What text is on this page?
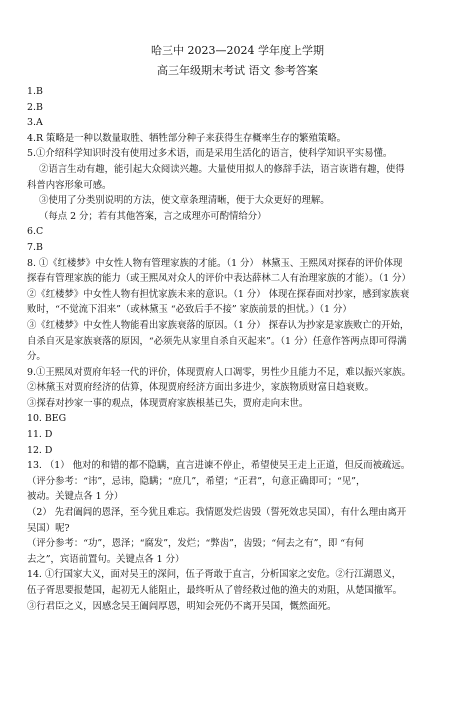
哈三中 2023—2024 学年度上学期
高三年级期末考试 语文 参考答案
1.B
2.B
3.A
4.R 策略是一种以数量取胜、牺牲部分种子来获得生存概率生存的繁殖策略。
5.①介绍科学知识时没有使用过多术语，而是采用生活化的语言，使科学知识平实易懂。
②语言生动有趣，能引起大众阅读兴趣。大量使用拟人的修辞手法，语言诙谐有趣，使得
科普内容形象可感。
③使用了分类别说明的方法，使文章条理清晰，便于大众更好的理解。
（每点 2 分；若有其他答案，言之成理亦可酌情给分）
6.C
7.B
8. ①《红楼梦》中女性人物有管理家族的才能。（1 分） 林黛玉、王熙凤对探春的评价体现
探春有管理家族的能力（或王熙凤对众人的评价中表达薛林二人有治理家族的才能）。（1 分）
②《红楼梦》中女性人物有担忧家族未来的意识。（1 分） 体现在探春面对抄家，感到家族衰
败时，“不觉流下泪来”（或林黛玉 “必致后手不接” 家族前景的担忧。）（1 分）
③《红楼梦》中女性人物能看出家族衰落的原因。（1 分） 探春认为抄家是家族败亡的开始，
自杀自灭是家族衰落的原因，“必须先从家里自杀自灭起来”。（1 分）任意作答两点即可得满
分。
9.①王熙凤对贾府年轻一代的评价，体现贾府人口凋零，男性少且能力不足，难以振兴家族。
②林黛玉对贾府经济的估算，体现贾府经济方面出多进少，家族物质财富日趋衰败。
③探春对抄家一事的观点，体现贾府家族根基已失，贾府走向末世。
10. BEG
11. D
12. D
13. （1） 他对的和错的都不隐瞒，直言进谏不停止，希望使吴王走上正道，但反而被疏远。
（评分参考：“讳”，忌讳，隐瞒；“庶几”，希望；“正君”，句意正确即可；“见”，
被动。关键点各 1 分）
（2） 先君阖闾的恩泽，至今犹且难忘。我情愿发烂齿毁（誓死效忠吴国），有什么理由离开
吴国）呢?
（评分参考：“功”，恩泽；“腐发”，发烂；“弊齿”，齿毁；“何去之有”，即 “有何
去之”，宾语前置句。关键点各 1 分）
14. ①行国家大义，面对吴王的深问，伍子胥敢于直言，分析国家之安危。②行江湖恩义，
伍子胥思要报楚国，起初无人能阻止，最终听从了曾经救过他的渔夫的劝阻，从楚国撤军。
③行君臣之义，因感念吴王阖闾厚恩，明知会死仍不离开吴国，慨然面死。
